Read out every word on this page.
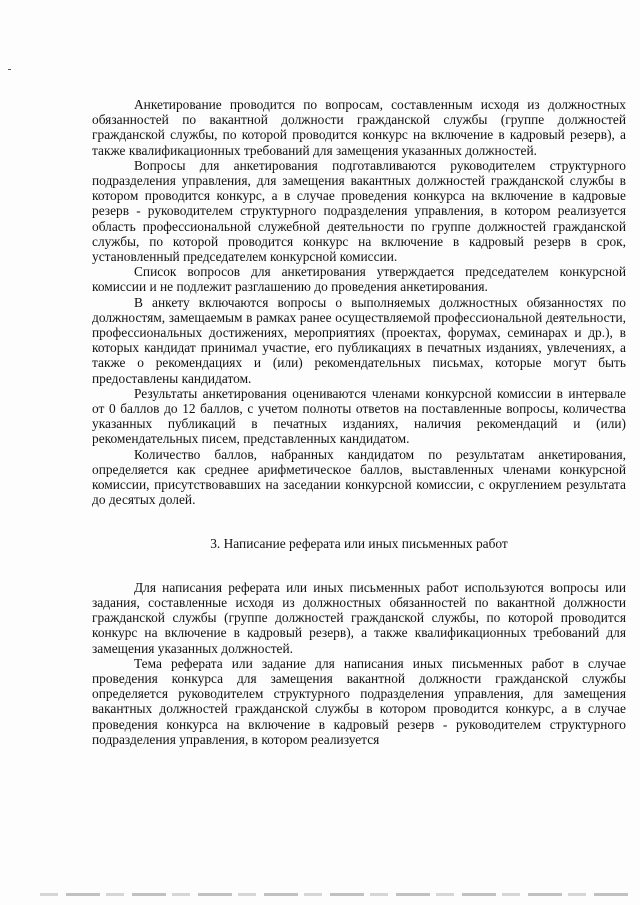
Анкетирование проводится по вопросам, составленным исходя из должностных обязанностей по вакантной должности гражданской службы (группе должностей гражданской службы, по которой проводится конкурс на включение в кадровый резерв), а также квалификационных требований для замещения указанных должностей.

Вопросы для анкетирования подготавливаются руководителем структурного подразделения управления, для замещения вакантных должностей гражданской службы в котором проводится конкурс, а в случае проведения конкурса на включение в кадровые резерв - руководителем структурного подразделения управления, в котором реализуется область профессиональной служебной деятельности по группе должностей гражданской службы, по которой проводится конкурс на включение в кадровый резерв в срок, установленный председателем конкурсной комиссии.

Список вопросов для анкетирования утверждается председателем конкурсной комиссии и не подлежит разглашению до проведения анкетирования.

В анкету включаются вопросы о выполняемых должностных обязанностях по должностям, замещаемым в рамках ранее осуществляемой профессиональной деятельности, профессиональных достижениях, мероприятиях (проектах, форумах, семинарах и др.), в которых кандидат принимал участие, его публикациях в печатных изданиях, увлечениях, а также о рекомендациях и (или) рекомендательных письмах, которые могут быть предоставлены кандидатом.

Результаты анкетирования оцениваются членами конкурсной комиссии в интервале от 0 баллов до 12 баллов, с учетом полноты ответов на поставленные вопросы, количества указанных публикаций в печатных изданиях, наличия рекомендаций и (или) рекомендательных писем, представленных кандидатом.

Количество баллов, набранных кандидатом по результатам анкетирования, определяется как среднее арифметическое баллов, выставленных членами конкурсной комиссии, присутствовавших на заседании конкурсной комиссии, с округлением результата до десятых долей.

3. Написание реферата или иных письменных работ

Для написания реферата или иных письменных работ используются вопросы или задания, составленные исходя из должностных обязанностей по вакантной должности гражданской службы (группе должностей гражданской службы, по которой проводится конкурс на включение в кадровый резерв), а также квалификационных требований для замещения указанных должностей.

Тема реферата или задание для написания иных письменных работ в случае проведения конкурса для замещения вакантной должности гражданской службы определяется руководителем структурного подразделения управления, для замещения вакантных должностей гражданской службы в котором проводится конкурс, а в случае проведения конкурса на включение в кадровый резерв - руководителем структурного подразделения управления, в котором реализуется
